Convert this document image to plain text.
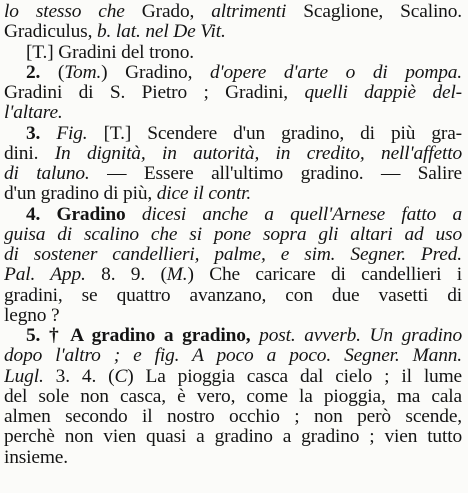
lo stesso che Grado, altrimenti Scaglione, Scalino.
Gradiculus, b. lat. nel De Vit.
[T.] Gradini del trono.
2. (Tom.) Gradino, d'opere d'arte o di pompa.
Gradini di S. Pietro ; Gradini, quelli dappiè del-
l'altare.
3. Fig. [T.] Scendere d'un gradino, di più gra-
dini. In dignità, in autorità, in credito, nell'affetto
di taluno. — Essere all'ultimo gradino. — Salire
d'un gradino di più, dice il contr.
4. Gradino dicesi anche a quell'Arnese fatto a
guisa di scalino che si pone sopra gli altari ad uso
di sostener candellieri, palme, e sim. Segner. Pred.
Pal. App. 8. 9. (M.) Che caricare di candellieri i
gradini, se quattro avanzano, con due vasetti di
legno ?
5. † A gradino a gradino, post. avverb. Un gradino
dopo l'altro ; e fig. A poco a poco. Segner. Mann.
Lugl. 3. 4. (C) La pioggia casca dal cielo ; il lume
del sole non casca, è vero, come la pioggia, ma cala
almen secondo il nostro occhio ; non però scende,
perchè non vien quasi a gradino a gradino ; vien tutto
insieme.
